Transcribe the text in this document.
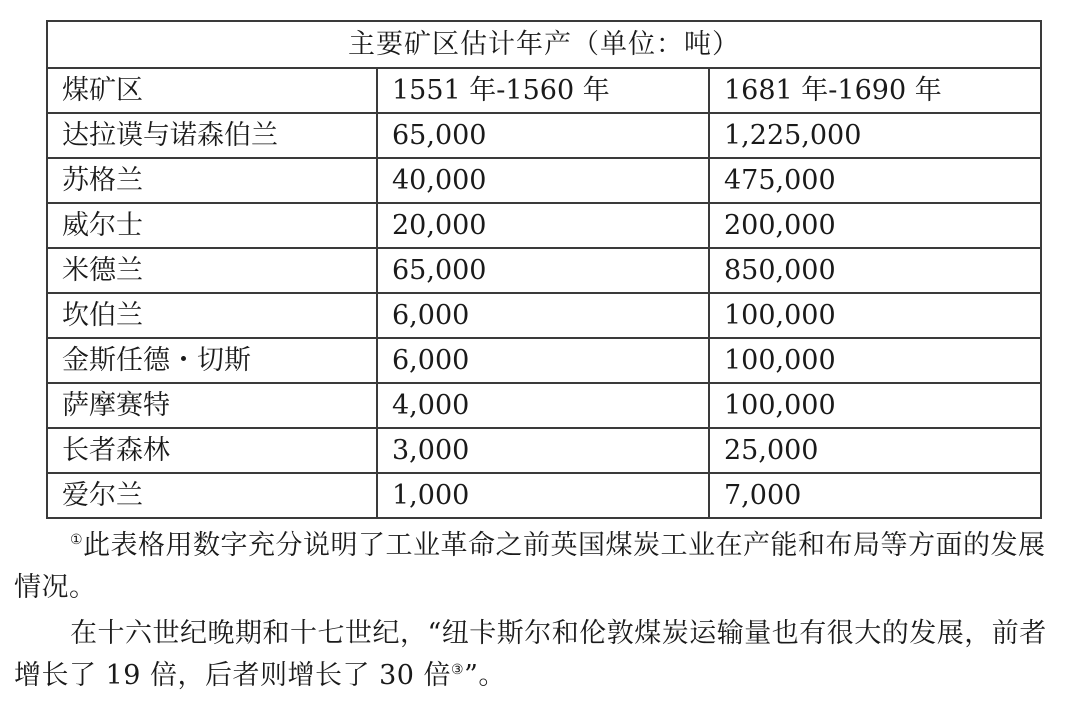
主要矿区估计年产（单位：吨）		
煤矿区	1551 年-1560 年	1681 年-1690 年
达拉谟与诺森伯兰	65,000	1,225,000
苏格兰	40,000	475,000
威尔士	20,000	200,000
米德兰	65,000	850,000
坎伯兰	6,000	100,000
金斯任德・切斯	6,000	100,000
萨摩赛特	4,000	100,000
长者森林	3,000	25,000
爱尔兰	1,000	7,000

①此表格用数字充分说明了工业革命之前英国煤炭工业在产能和布局等方面的发展情况。

在十六世纪晚期和十七世纪，“纽卡斯尔和伦敦煤炭运输量也有很大的发展，前者增长了 19 倍，后者则增长了 30 倍③”。
